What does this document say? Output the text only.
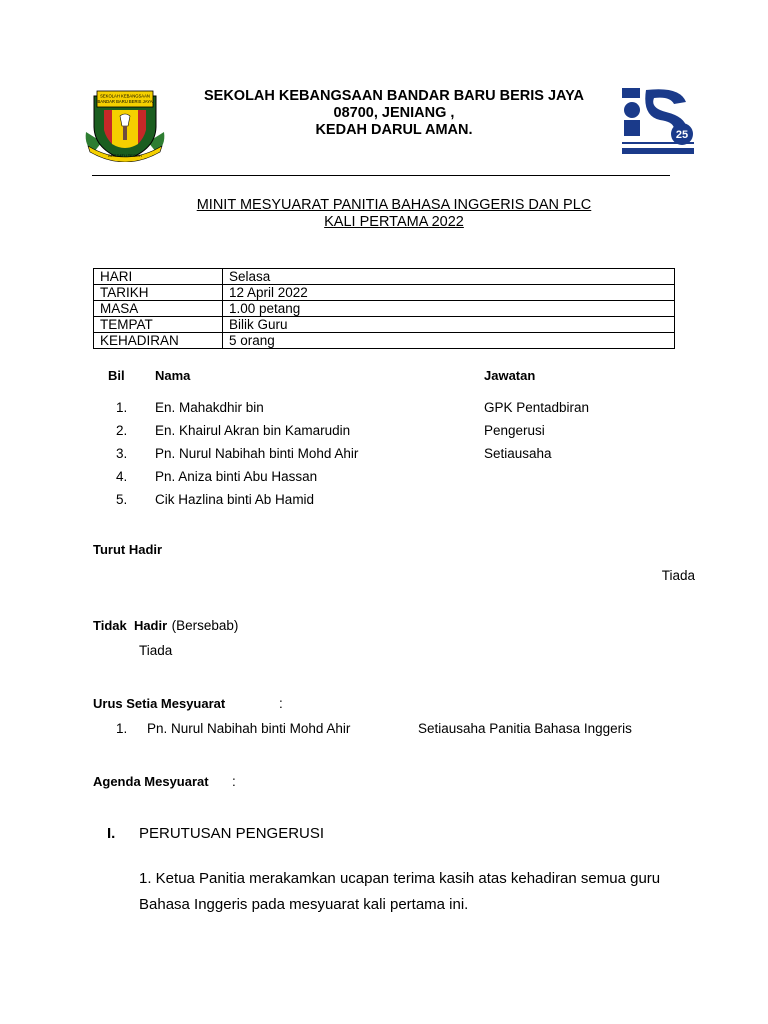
SEKOLAH KEBANGSAAN
BANDAR BARU BERIS JAYA
BERSATU TEGUH
25
SEKOLAH KEBANGSAAN BANDAR BARU BERIS JAYA
08700, JENIANG ,
KEDAH DARUL AMAN.
MINIT MESYUARAT PANITIA BAHASA INGGERIS DAN PLC
KALI PERTAMA 2022
HARI	Selasa
TARIKH	12 April 2022
MASA	1.00 petang
TEMPAT	Bilik Guru
KEHADIRAN	5 orang
Bil Nama	Jawatan
1. En. Mahakdhir bin	GPK Pentadbiran
2. En. Khairul Akran bin Kamarudin	Pengerusi
3. Pn. Nurul Nabihah binti Mohd Ahir	Setiausaha
4. Pn. Aniza binti Abu Hassan
5. Cik Hazlina binti Ab Hamid
Turut Hadir
Tiada
Tidak  Hadir (Bersebab)
Tiada
Urus Setia Mesyuarat	:
1. Pn. Nurul Nabihah binti Mohd Ahir	Setiausaha Panitia Bahasa Inggeris
Agenda Mesyuarat :
I. PERUTUSAN PENGERUSI
1. Ketua Panitia merakamkan ucapan terima kasih atas kehadiran semua guru
Bahasa Inggeris pada mesyuarat kali pertama ini.
